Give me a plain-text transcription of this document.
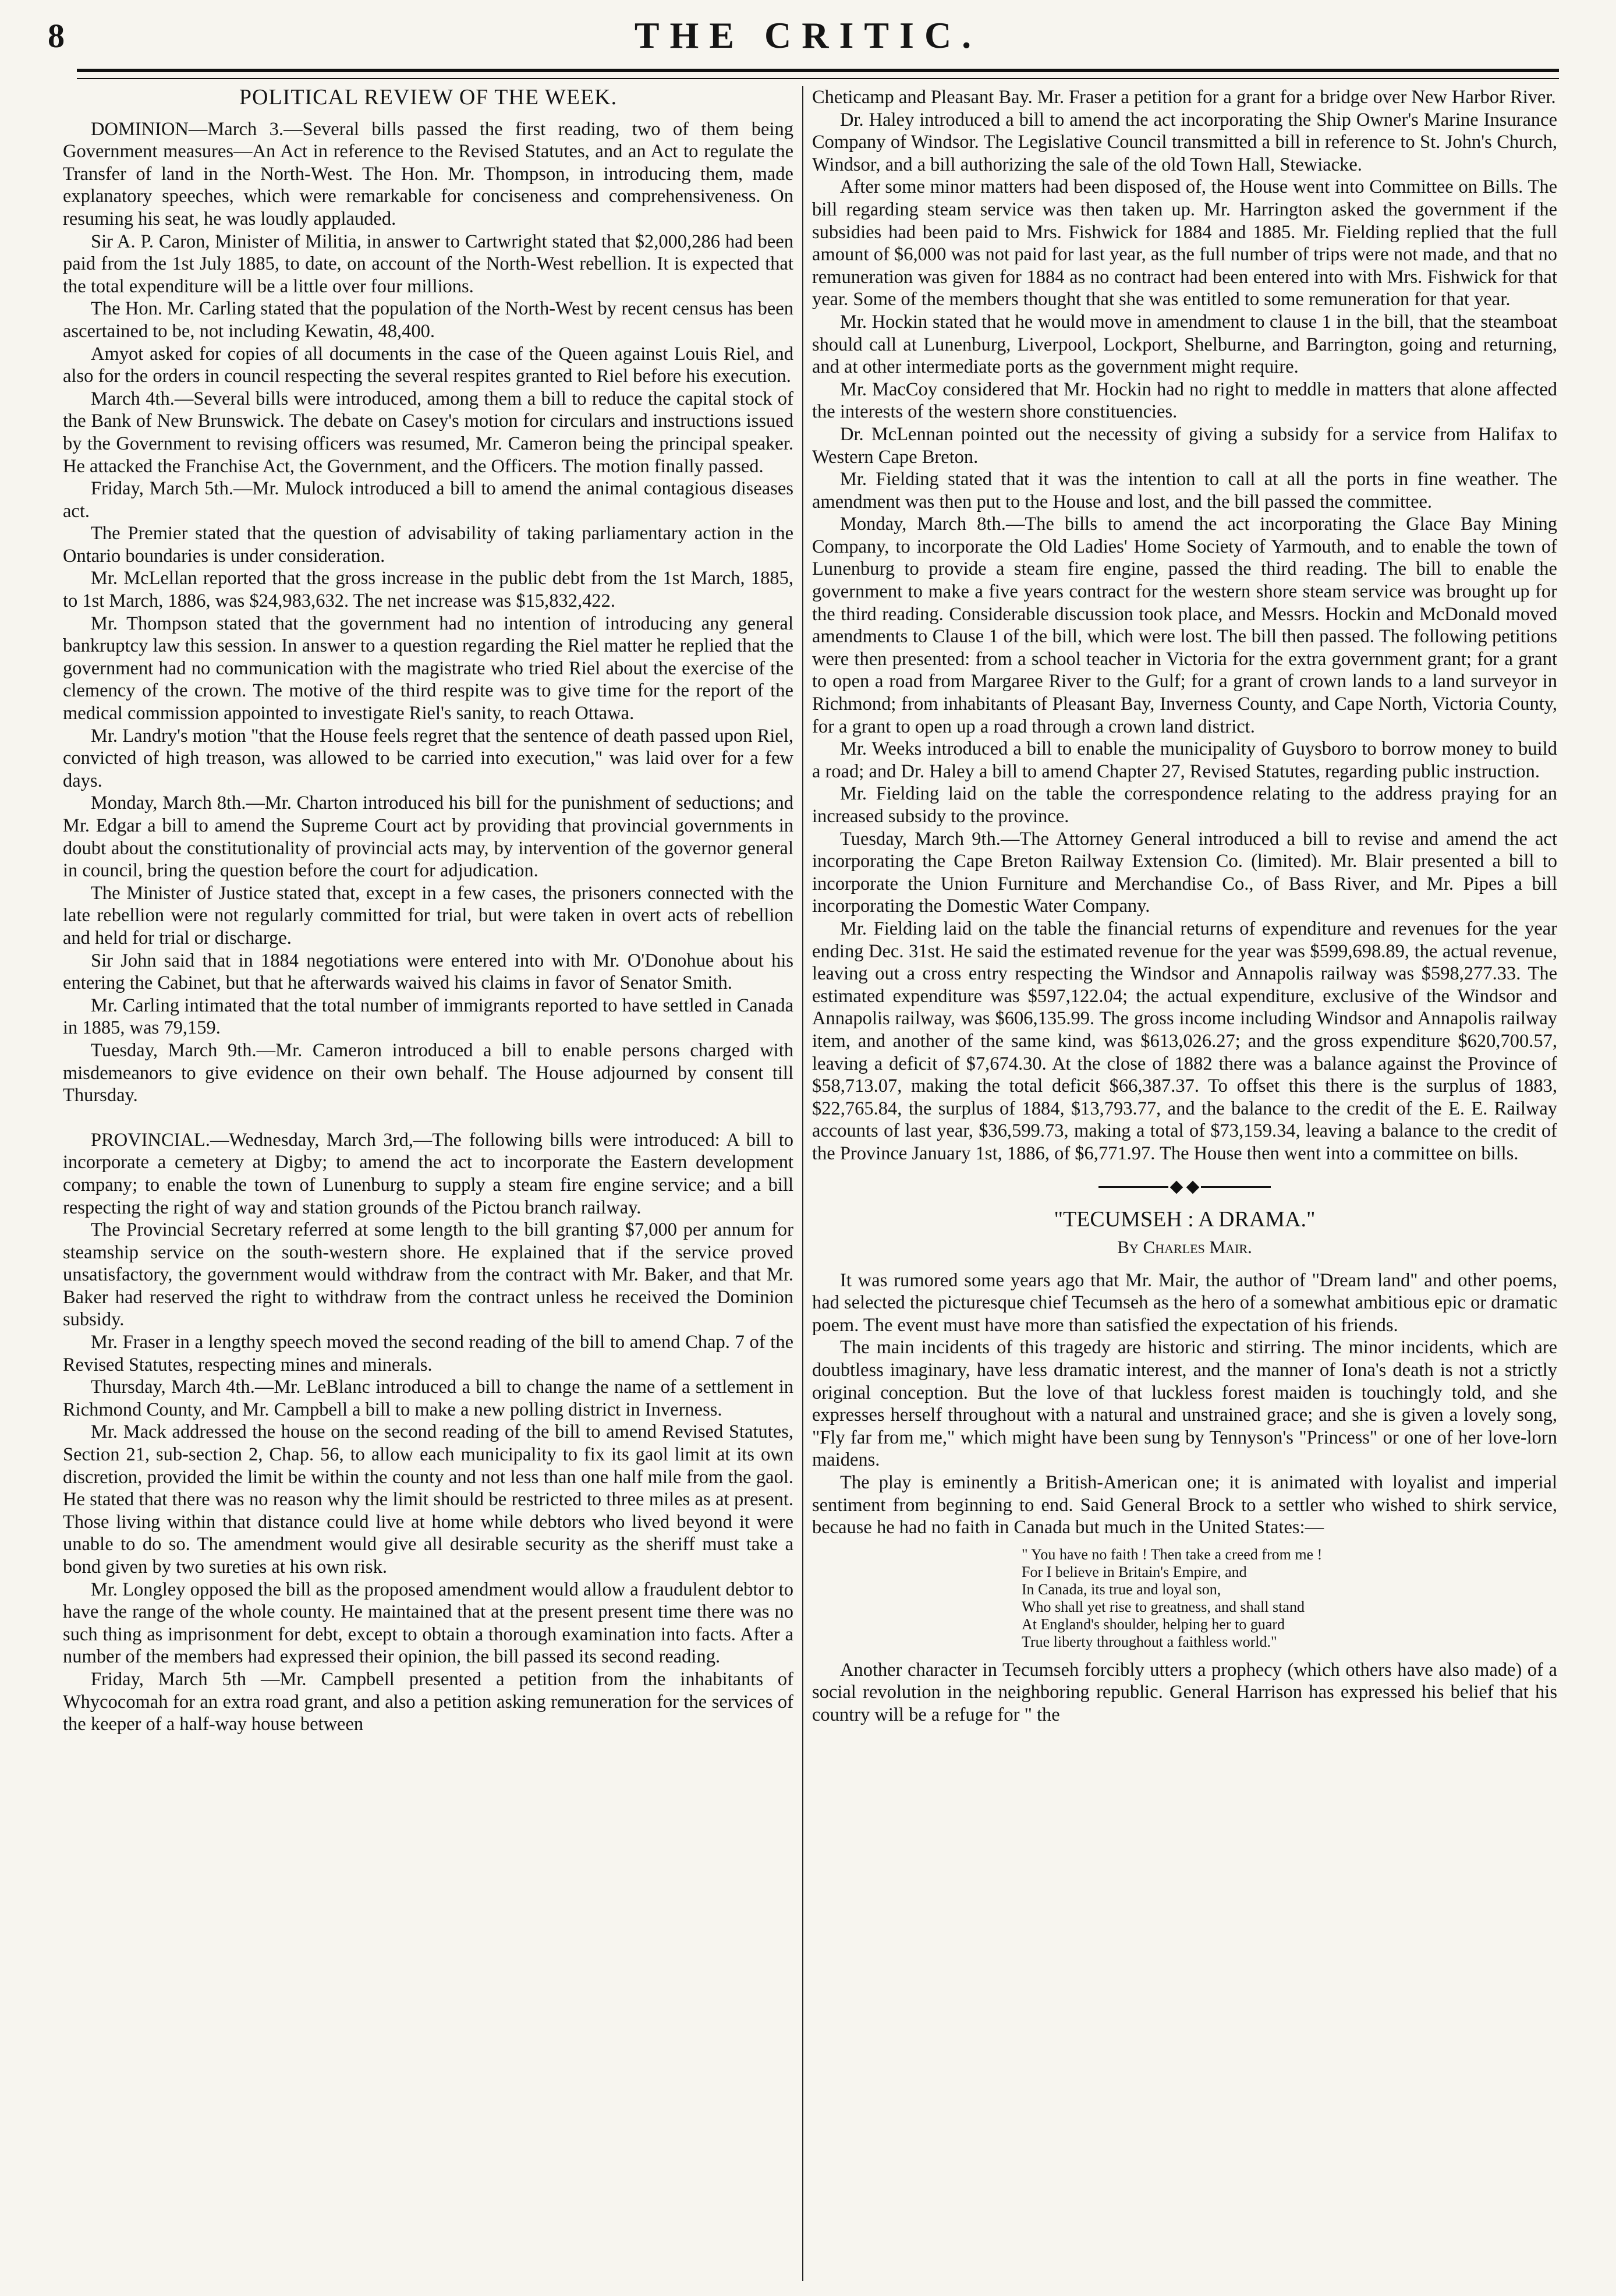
8	THE CRITIC.
POLITICAL REVIEW OF THE WEEK.

DOMINION—March 3.—Several bills passed the first reading, two of them being Government measures—An Act in reference to the Revised Statutes, and an Act to regulate the Transfer of land in the North-West. The Hon. Mr. Thompson, in introducing them, made explanatory speeches, which were remarkable for conciseness and comprehensiveness. On resuming his seat, he was loudly applauded.

Sir A. P. Caron, Minister of Militia, in answer to Cartwright stated that $2,000,286 had been paid from the 1st July 1885, to date, on account of the North-West rebellion. It is expected that the total expenditure will be a little over four millions.

The Hon. Mr. Carling stated that the population of the North-West by recent census has been ascertained to be, not including Kewatin, 48,400.

Amyot asked for copies of all documents in the case of the Queen against Louis Riel, and also for the orders in council respecting the several respites granted to Riel before his execution.

March 4th.—Several bills were introduced, among them a bill to reduce the capital stock of the Bank of New Brunswick. The debate on Casey's motion for circulars and instructions issued by the Government to revising officers was resumed, Mr. Cameron being the principal speaker. He attacked the Franchise Act, the Government, and the Officers. The motion finally passed.

Friday, March 5th.—Mr. Mulock introduced a bill to amend the animal contagious diseases act.

The Premier stated that the question of advisability of taking parliamentary action in the Ontario boundaries is under consideration.

Mr. McLellan reported that the gross increase in the public debt from the 1st March, 1885, to 1st March, 1886, was $24,983,632. The net increase was $15,832,422.

Mr. Thompson stated that the government had no intention of introducing any general bankruptcy law this session. In answer to a question regarding the Riel matter he replied that the government had no communication with the magistrate who tried Riel about the exercise of the clemency of the crown. The motive of the third respite was to give time for the report of the medical commission appointed to investigate Riel's sanity, to reach Ottawa.

Mr. Landry's motion "that the House feels regret that the sentence of death passed upon Riel, convicted of high treason, was allowed to be carried into execution," was laid over for a few days.

Monday, March 8th.—Mr. Charton introduced his bill for the punishment of seductions; and Mr. Edgar a bill to amend the Supreme Court act by providing that provincial governments in doubt about the constitutionality of provincial acts may, by intervention of the governor general in council, bring the question before the court for adjudication.

The Minister of Justice stated that, except in a few cases, the prisoners connected with the late rebellion were not regularly committed for trial, but were taken in overt acts of rebellion and held for trial or discharge.

Sir John said that in 1884 negotiations were entered into with Mr. O'Donohue about his entering the Cabinet, but that he afterwards waived his claims in favor of Senator Smith.

Mr. Carling intimated that the total number of immigrants reported to have settled in Canada in 1885, was 79,159.

Tuesday, March 9th.—Mr. Cameron introduced a bill to enable persons charged with misdemeanors to give evidence on their own behalf. The House adjourned by consent till Thursday.

PROVINCIAL.—Wednesday, March 3rd,—The following bills were introduced: A bill to incorporate a cemetery at Digby; to amend the act to incorporate the Eastern development company; to enable the town of Lunenburg to supply a steam fire engine service; and a bill respecting the right of way and station grounds of the Pictou branch railway.

The Provincial Secretary referred at some length to the bill granting $7,000 per annum for steamship service on the south-western shore. He explained that if the service proved unsatisfactory, the government would withdraw from the contract with Mr. Baker, and that Mr. Baker had reserved the right to withdraw from the contract unless he received the Dominion subsidy.

Mr. Fraser in a lengthy speech moved the second reading of the bill to amend Chap. 7 of the Revised Statutes, respecting mines and minerals.

Thursday, March 4th.—Mr. LeBlanc introduced a bill to change the name of a settlement in Richmond County, and Mr. Campbell a bill to make a new polling district in Inverness.

Mr. Mack addressed the house on the second reading of the bill to amend Revised Statutes, Section 21, sub-section 2, Chap. 56, to allow each municipality to fix its gaol limit at its own discretion, provided the limit be within the county and not less than one half mile from the gaol. He stated that there was no reason why the limit should be restricted to three miles as at present. Those living within that distance could live at home while debtors who lived beyond it were unable to do so. The amendment would give all desirable security as the sheriff must take a bond given by two sureties at his own risk.

Mr. Longley opposed the bill as the proposed amendment would allow a fraudulent debtor to have the range of the whole county. He maintained that at the present present time there was no such thing as imprisonment for debt, except to obtain a thorough examination into facts. After a number of the members had expressed their opinion, the bill passed its second reading.

Friday, March 5th —Mr. Campbell presented a petition from the inhabitants of Whycocomah for an extra road grant, and also a petition asking remuneration for the services of the keeper of a half-way house between

Cheticamp and Pleasant Bay. Mr. Fraser a petition for a grant for a bridge over New Harbor River.

Dr. Haley introduced a bill to amend the act incorporating the Ship Owner's Marine Insurance Company of Windsor. The Legislative Council transmitted a bill in reference to St. John's Church, Windsor, and a bill authorizing the sale of the old Town Hall, Stewiacke.

After some minor matters had been disposed of, the House went into Committee on Bills. The bill regarding steam service was then taken up. Mr. Harrington asked the government if the subsidies had been paid to Mrs. Fishwick for 1884 and 1885. Mr. Fielding replied that the full amount of $6,000 was not paid for last year, as the full number of trips were not made, and that no remuneration was given for 1884 as no contract had been entered into with Mrs. Fishwick for that year. Some of the members thought that she was entitled to some remuneration for that year.

Mr. Hockin stated that he would move in amendment to clause 1 in the bill, that the steamboat should call at Lunenburg, Liverpool, Lockport, Shelburne, and Barrington, going and returning, and at other intermediate ports as the government might require.

Mr. MacCoy considered that Mr. Hockin had no right to meddle in matters that alone affected the interests of the western shore constituencies.

Dr. McLennan pointed out the necessity of giving a subsidy for a service from Halifax to Western Cape Breton.

Mr. Fielding stated that it was the intention to call at all the ports in fine weather. The amendment was then put to the House and lost, and the bill passed the committee.

Monday, March 8th.—The bills to amend the act incorporating the Glace Bay Mining Company, to incorporate the Old Ladies' Home Society of Yarmouth, and to enable the town of Lunenburg to provide a steam fire engine, passed the third reading. The bill to enable the government to make a five years contract for the western shore steam service was brought up for the third reading. Considerable discussion took place, and Messrs. Hockin and McDonald moved amendments to Clause 1 of the bill, which were lost. The bill then passed. The following petitions were then presented: from a school teacher in Victoria for the extra government grant; for a grant to open a road from Margaree River to the Gulf; for a grant of crown lands to a land surveyor in Richmond; from inhabitants of Pleasant Bay, Inverness County, and Cape North, Victoria County, for a grant to open up a road through a crown land district.

Mr. Weeks introduced a bill to enable the municipality of Guysboro to borrow money to build a road; and Dr. Haley a bill to amend Chapter 27, Revised Statutes, regarding public instruction.

Mr. Fielding laid on the table the correspondence relating to the address praying for an increased subsidy to the province.

Tuesday, March 9th.—The Attorney General introduced a bill to revise and amend the act incorporating the Cape Breton Railway Extension Co. (limited). Mr. Blair presented a bill to incorporate the Union Furniture and Merchandise Co., of Bass River, and Mr. Pipes a bill incorporating the Domestic Water Company.

Mr. Fielding laid on the table the financial returns of expenditure and revenues for the year ending Dec. 31st. He said the estimated revenue for the year was $599,698.89, the actual revenue, leaving out a cross entry respecting the Windsor and Annapolis railway was $598,277.33. The estimated expenditure was $597,122.04; the actual expenditure, exclusive of the Windsor and Annapolis railway, was $606,135.99. The gross income including Windsor and Annapolis railway item, and another of the same kind, was $613,026.27; and the gross expenditure $620,700.57, leaving a deficit of $7,674.30. At the close of 1882 there was a balance against the Province of $58,713.07, making the total deficit $66,387.37. To offset this there is the surplus of 1883, $22,765.84, the surplus of 1884, $13,793.77, and the balance to the credit of the E. E. Railway accounts of last year, $36,599.73, making a total of $73,159.34, leaving a balance to the credit of the Province January 1st, 1886, of $6,771.97. The House then went into a committee on bills.

"TECUMSEH : A DRAMA."
By Charles Mair.

It was rumored some years ago that Mr. Mair, the author of "Dream land" and other poems, had selected the picturesque chief Tecumseh as the hero of a somewhat ambitious epic or dramatic poem. The event must have more than satisfied the expectation of his friends.

The main incidents of this tragedy are historic and stirring. The minor incidents, which are doubtless imaginary, have less dramatic interest, and the manner of Iona's death is not a strictly original conception. But the love of that luckless forest maiden is touchingly told, and she expresses herself throughout with a natural and unstrained grace; and she is given a lovely song, "Fly far from me," which might have been sung by Tennyson's "Princess" or one of her love-lorn maidens.

The play is eminently a British-American one; it is animated with loyalist and imperial sentiment from beginning to end. Said General Brock to a settler who wished to shirk service, because he had no faith in Canada but much in the United States:—

" You have no faith ! Then take a creed from me !
For I believe in Britain's Empire, and
In Canada, its true and loyal son,
Who shall yet rise to greatness, and shall stand
At England's shoulder, helping her to guard
True liberty throughout a faithless world."

Another character in Tecumseh forcibly utters a prophecy (which others have also made) of a social revolution in the neighboring republic. General Harrison has expressed his belief that his country will be a refuge for " the
